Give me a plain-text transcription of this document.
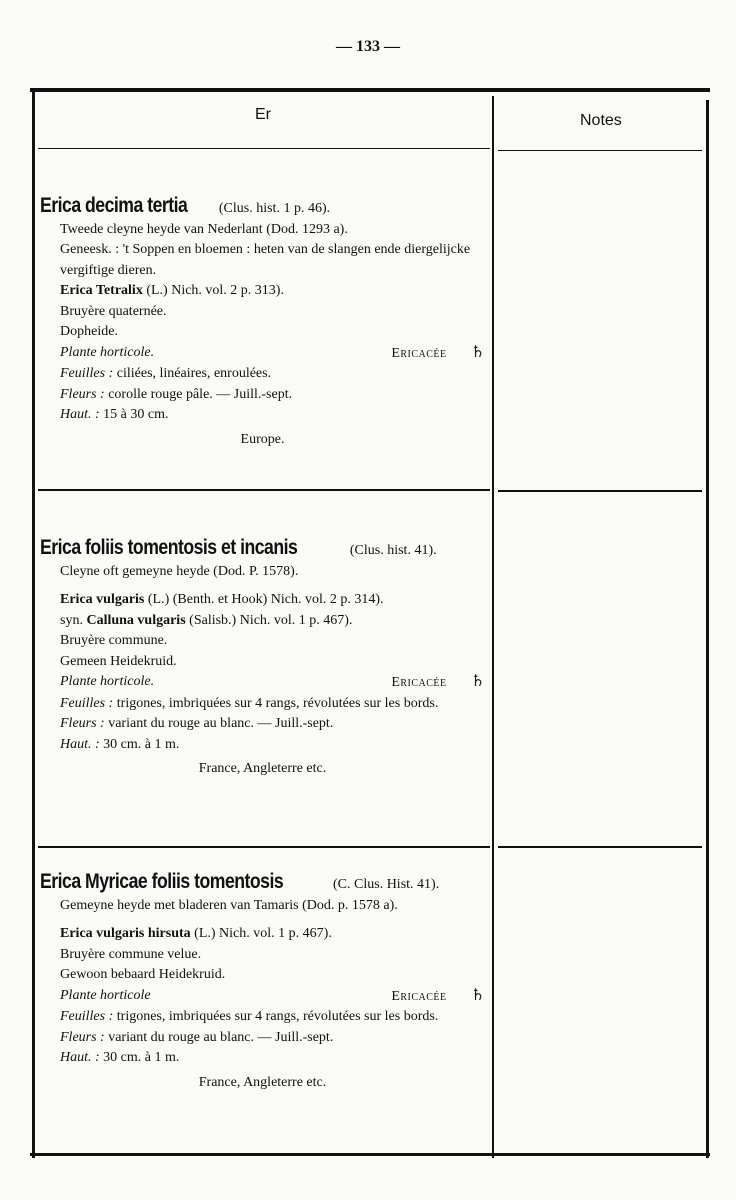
— 133 —
Er	Notes
Erica decima tertia (Clus. hist. 1 p. 46).
Tweede cleyne heyde van Nederlant (Dod. 1293 a).
Geneesk. : 't Soppen en bloemen : heten van de slangen ende diergelijcke vergiftige dieren.
Erica Tetralix (L.) Nich. vol. 2 p. 313).
Bruyère quaternée.
Dopheide.
Plante horticole.	Ericacée ♄
Feuilles : ciliées, linéaires, enroulées.
Fleurs : corolle rouge pâle. — Juill.-sept.
Haut. : 15 à 30 cm.
Europe.
Erica foliis tomentosis et incanis	(Clus. hist. 41).
Cleyne oft gemeyne heyde (Dod. P. 1578).
Erica vulgaris (L.) (Benth. et Hook) Nich. vol. 2 p. 314).
syn. Calluna vulgaris (Salisb.) Nich. vol. 1 p. 467).
Bruyère commune.
Gemeen Heidekruid.
Plante horticole.	Ericacée ♄
Feuilles : trigones, imbriquées sur 4 rangs, révolutées sur les bords.
Fleurs : variant du rouge au blanc. — Juill.-sept.
Haut. : 30 cm. à 1 m.
France, Angleterre etc.
Erica Myricae foliis tomentosis	(C. Clus. Hist. 41).
Gemeyne heyde met bladeren van Tamaris (Dod. p. 1578 a).
Erica vulgaris hirsuta (L.) Nich. vol. 1 p. 467).
Bruyère commune velue.
Gewoon bebaard Heidekruid.
Plante horticole	Ericacée ♄
Feuilles : trigones, imbriquées sur 4 rangs, révolutées sur les bords.
Fleurs : variant du rouge au blanc. — Juill.-sept.
Haut. : 30 cm. à 1 m.
France, Angleterre etc.
